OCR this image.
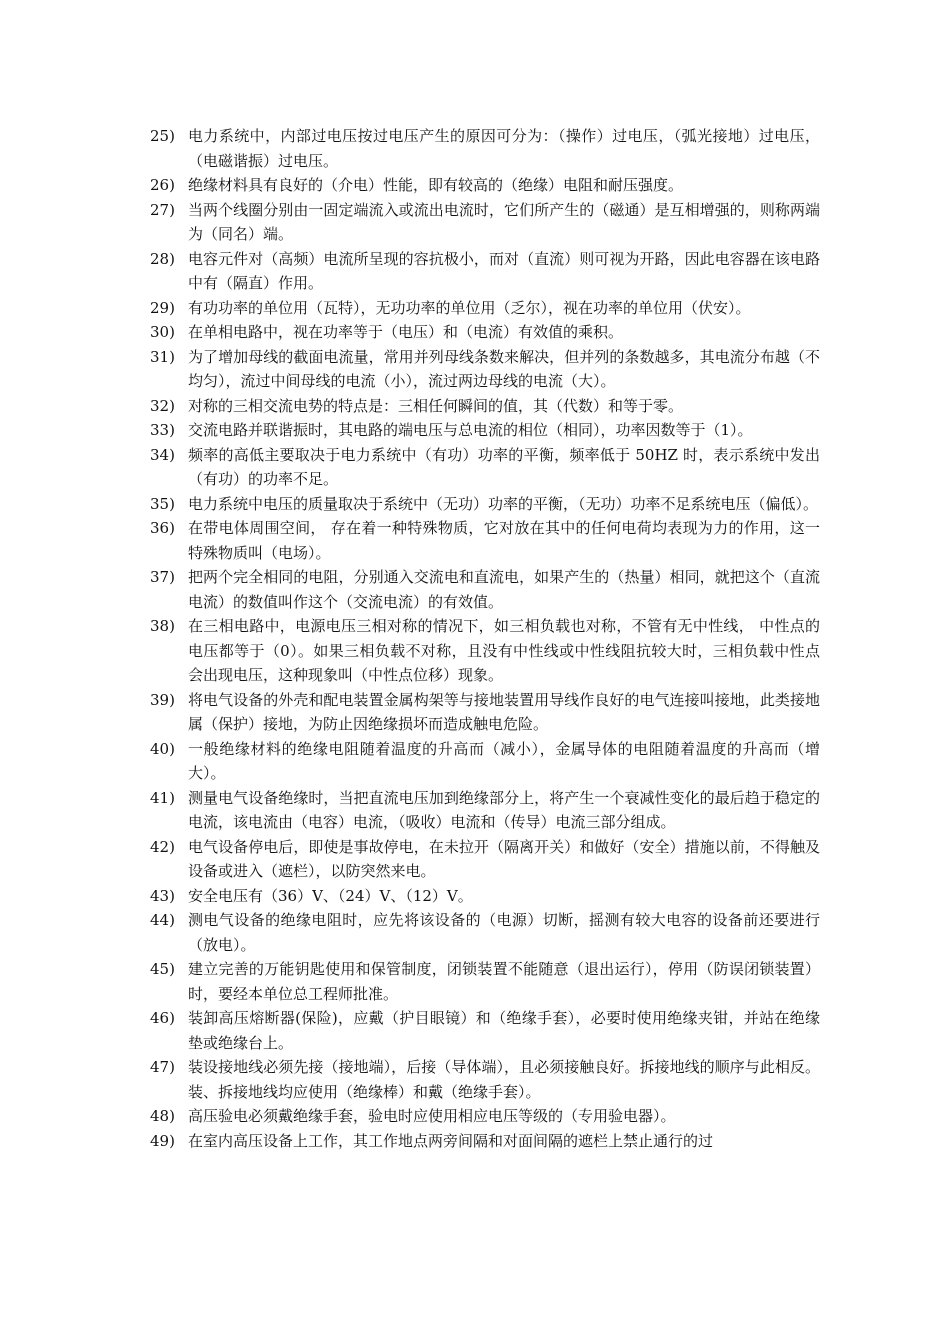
25) 电力系统中，内部过电压按过电压产生的原因可分为：（操作）过电压，（弧光接地）过电压，（电磁谐振）过电压。
26) 绝缘材料具有良好的（介电）性能，即有较高的（绝缘）电阻和耐压强度。
27) 当两个线圈分别由一固定端流入或流出电流时，它们所产生的（磁通）是互相增强的，则称两端为（同名）端。
28) 电容元件对（高频）电流所呈现的容抗极小，而对（直流）则可视为开路，因此电容器在该电路中有（隔直）作用。
29) 有功功率的单位用（瓦特），无功功率的单位用（乏尔），视在功率的单位用（伏安）。
30) 在单相电路中，视在功率等于（电压）和（电流）有效值的乘积。
31) 为了增加母线的截面电流量，常用并列母线条数来解决，但并列的条数越多，其电流分布越（不均匀），流过中间母线的电流（小），流过两边母线的电流（大）。
32) 对称的三相交流电势的特点是：三相任何瞬间的值，其（代数）和等于零。
33) 交流电路并联谐振时，其电路的端电压与总电流的相位（相同），功率因数等于（1）。
34) 频率的高低主要取决于电力系统中（有功）功率的平衡，频率低于 50HZ 时，表示系统中发出（有功）的功率不足。
35) 电力系统中电压的质量取决于系统中（无功）功率的平衡，（无功）功率不足系统电压（偏低）。
36) 在带电体周围空间， 存在着一种特殊物质，它对放在其中的任何电荷均表现为力的作用，这一特殊物质叫（电场）。
37) 把两个完全相同的电阻，分别通入交流电和直流电，如果产生的（热量）相同，就把这个（直流电流）的数值叫作这个（交流电流）的有效值。
38) 在三相电路中，电源电压三相对称的情况下，如三相负载也对称，不管有无中性线， 中性点的电压都等于（0）。如果三相负载不对称，且没有中性线或中性线阻抗较大时，三相负载中性点会出现电压，这种现象叫（中性点位移）现象。
39) 将电气设备的外壳和配电装置金属构架等与接地装置用导线作良好的电气连接叫接地，此类接地属（保护）接地，为防止因绝缘损坏而造成触电危险。
40) 一般绝缘材料的绝缘电阻随着温度的升高而（减小），金属导体的电阻随着温度的升高而（增大）。
41) 测量电气设备绝缘时，当把直流电压加到绝缘部分上，将产生一个衰减性变化的最后趋于稳定的电流，该电流由（电容）电流，（吸收）电流和（传导）电流三部分组成。
42) 电气设备停电后，即使是事故停电，在未拉开（隔离开关）和做好（安全）措施以前，不得触及设备或进入（遮栏），以防突然来电。
43) 安全电压有（36）V、（24）V、（12）V。
44) 测电气设备的绝缘电阻时，应先将该设备的（电源）切断，摇测有较大电容的设备前还要进行（放电）。
45) 建立完善的万能钥匙使用和保管制度，闭锁装置不能随意（退出运行），停用（防误闭锁装置）时，要经本单位总工程师批准。
46) 装卸高压熔断器(保险)，应戴（护目眼镜）和（绝缘手套），必要时使用绝缘夹钳，并站在绝缘垫或绝缘台上。
47) 装设接地线必须先接（接地端），后接（导体端），且必须接触良好。拆接地线的顺序与此相反。装、拆接地线均应使用（绝缘棒）和戴（绝缘手套）。
48) 高压验电必须戴绝缘手套，验电时应使用相应电压等级的（专用验电器）。
49) 在室内高压设备上工作，其工作地点两旁间隔和对面间隔的遮栏上禁止通行的过
